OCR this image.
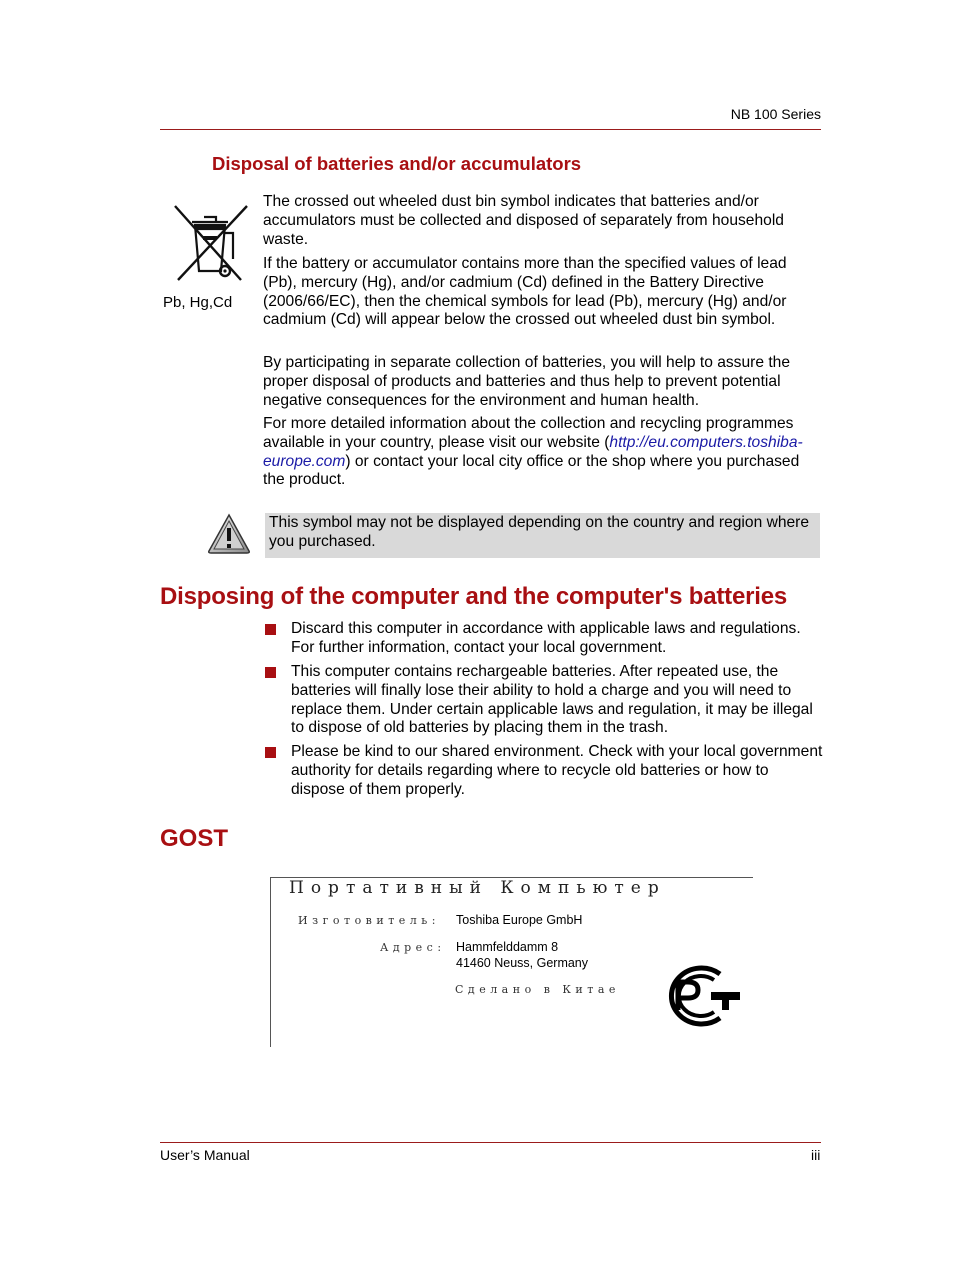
NB 100 Series
Disposal of batteries and/or accumulators
Pb, Hg,Cd
The crossed out wheeled dust bin symbol indicates that batteries and/or accumulators must be collected and disposed of separately from household waste.
If the battery or accumulator contains more than the specified values of lead (Pb), mercury (Hg), and/or cadmium (Cd) defined in the Battery Directive (2006/66/EC), then the chemical symbols for lead (Pb), mercury (Hg) and/or cadmium (Cd) will appear below the crossed out wheeled dust bin symbol.
By participating in separate collection of batteries, you will help to assure the proper disposal of products and batteries and thus help to prevent potential negative consequences for the environment and human health.
For more detailed information about the collection and recycling programmes available in your country, please visit our website (http://eu.computers.toshiba-europe.com) or contact your local city office or the shop where you purchased the product.
This symbol may not be displayed depending on the country and region where you purchased.
Disposing of the computer and the computer's batteries
Discard this computer in accordance with applicable laws and regulations. For further information, contact your local government.
This computer contains rechargeable batteries. After repeated use, the batteries will finally lose their ability to hold a charge and you will need to replace them. Under certain applicable laws and regulation, it may be illegal to dispose of old batteries by placing them in the trash.
Please be kind to our shared environment. Check with your local government authority for details regarding where to recycle old batteries or how to dispose of them properly.
GOST
Портативный Компьютер
Изготовитель: Toshiba Europe GmbH
Адрес: Hammfelddamm 8
41460 Neuss, Germany
Сделано в Китае
User’s Manual	iii
